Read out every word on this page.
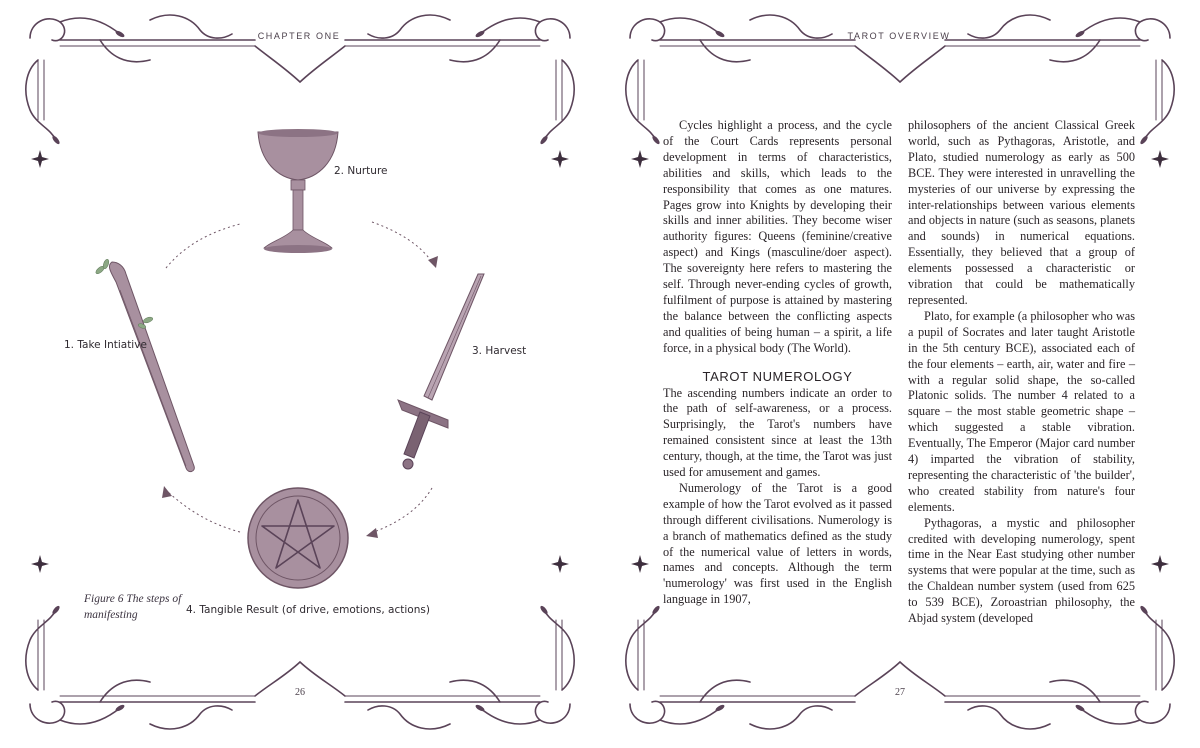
CHAPTER ONE
2. Nurture
1. Take Intiative	3. Harvest
4. Tangible Result (of drive, emotions, actions)
Figure 6 The steps of manifesting
26
TAROT OVERVIEW
27

Cycles highlight a process, and the cycle of the Court Cards represents personal development in terms of characteristics, abilities and skills, which leads to the responsibility that comes as one matures. Pages grow into Knights by developing their skills and inner abilities. They become wiser authority figures: Queens (feminine/creative aspect) and Kings (masculine/doer aspect). The sovereignty here refers to mastering the self. Through never-ending cycles of growth, fulfilment of purpose is attained by mastering the balance between the conflicting aspects and qualities of being human – a spirit, a life force, in a physical body (The World).

TAROT NUMEROLOGY

The ascending numbers indicate an order to the path of self-awareness, or a process. Surprisingly, the Tarot's numbers have remained consistent since at least the 13th century, though, at the time, the Tarot was just used for amusement and games.

Numerology of the Tarot is a good example of how the Tarot evolved as it passed through different civilisations. Numerology is a branch of mathematics defined as the study of the numerical value of letters in words, names and concepts. Although the term 'numerology' was first used in the English language in 1907,

philosophers of the ancient Classical Greek world, such as Pythagoras, Aristotle, and Plato, studied numerology as early as 500 BCE. They were interested in unravelling the mysteries of our universe by expressing the inter-relationships between various elements and objects in nature (such as seasons, planets and sounds) in numerical equations. Essentially, they believed that a group of elements possessed a characteristic or vibration that could be mathematically represented.

Plato, for example (a philosopher who was a pupil of Socrates and later taught Aristotle in the 5th century BCE), associated each of the four elements – earth, air, water and fire – with a regular solid shape, the so-called Platonic solids. The number 4 related to a square – the most stable geometric shape – which suggested a stable vibration. Eventually, The Emperor (Major card number 4) imparted the vibration of stability, representing the characteristic of 'the builder', who created stability from nature's four elements.

Pythagoras, a mystic and philosopher credited with developing numerology, spent time in the Near East studying other number systems that were popular at the time, such as the Chaldean number system (used from 625 to 539 BCE), Zoroastrian philosophy, the Abjad system (developed
